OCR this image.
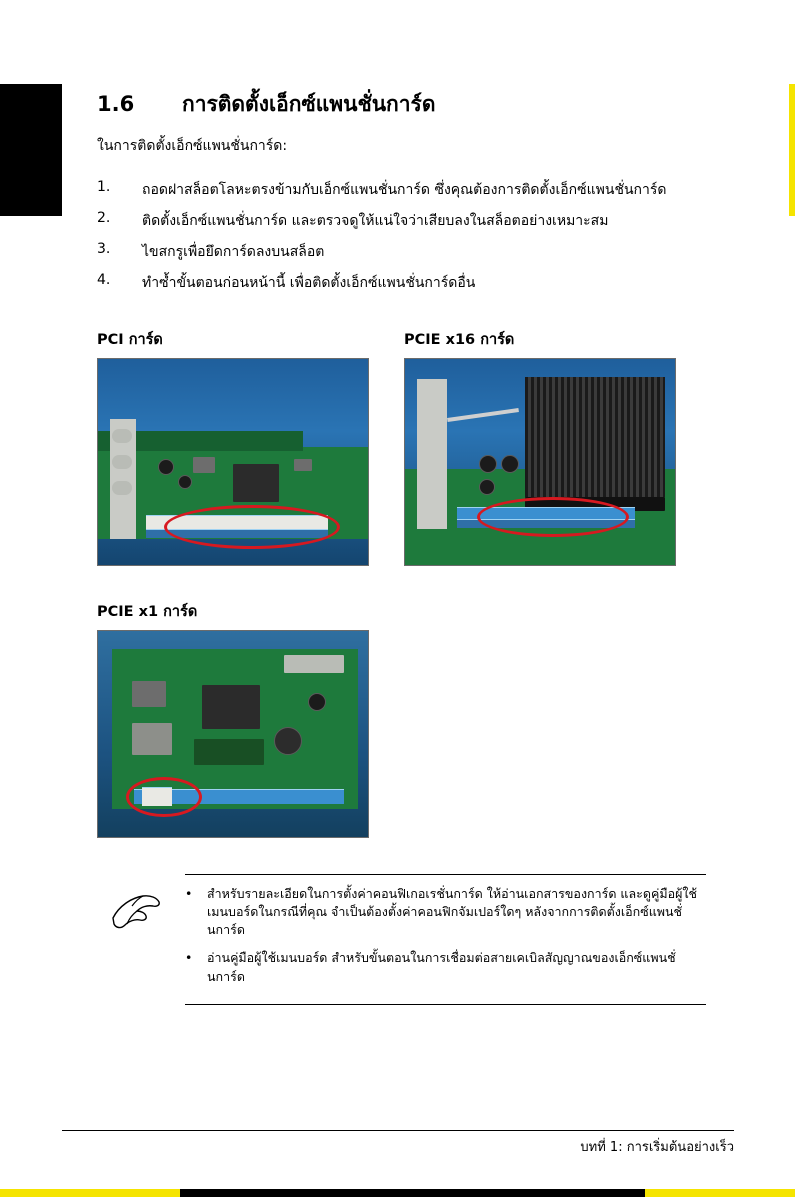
1.6	การติดตั้งเอ็กซ์แพนชั่นการ์ด
ในการติดตั้งเอ็กซ์แพนชั่นการ์ด:
1.	ถอดฝาสล็อตโลหะตรงข้ามกับเอ็กซ์แพนชั่นการ์ด ซึ่งคุณต้องการติดตั้งเอ็กซ์แพนชั่นการ์ด
2.	ติดตั้งเอ็กซ์แพนชั่นการ์ด และตรวจดูให้แน่ใจว่าเสียบลงในสล็อตอย่างเหมาะสม
3.	ไขสกรูเพื่อยึดการ์ดลงบนสล็อต
4.	ทำซ้ำขั้นตอนก่อนหน้านี้ เพื่อติดตั้งเอ็กซ์แพนชั่นการ์ดอื่น
PCI การ์ด	PCIE x16 การ์ด
PCIE x1 การ์ด
•	สำหรับรายละเอียดในการตั้งค่าคอนฟิเกอเรชั่นการ์ด ให้อ่านเอกสารของการ์ด และดูคู่มือผู้ใช้เมนบอร์ดในกรณีที่คุณ จำเป็นต้องตั้งค่าคอนฟิกจัมเปอร์ใดๆ หลังจากการติดตั้งเอ็กซ์แพนชั่นการ์ด
•	อ่านคู่มือผู้ใช้เมนบอร์ด สำหรับขั้นตอนในการเชื่อมต่อสายเคเบิลสัญญาณของเอ็กซ์แพนชั่นการ์ด
บทที่ 1: การเริ่มต้นอย่างเร็ว
